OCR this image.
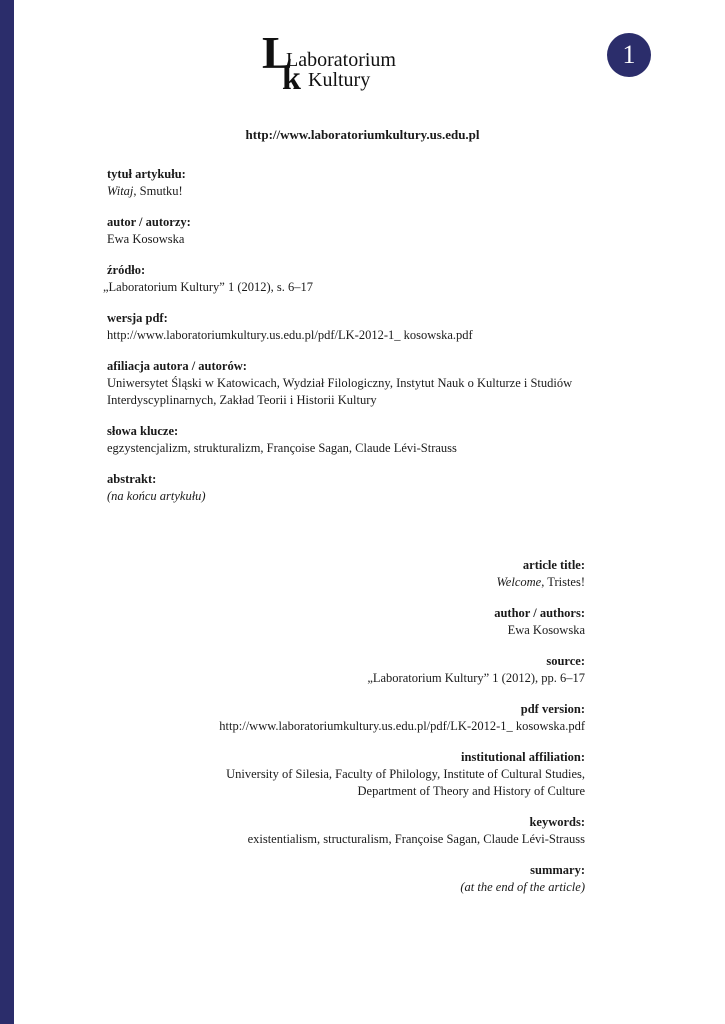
L
k
Laboratorium
Kultury
1
http://www.laboratoriumkultury.us.edu.pl
tytuł artykułu:
Witaj, Smutku!
autor / autorzy:
Ewa Kosowska
źródło:
„Laboratorium Kultury” 1 (2012), s. 6–17
wersja pdf:
http://www.laboratoriumkultury.us.edu.pl/pdf/LK-2012-1_ kosowska.pdf
afiliacja autora / autorów:
Uniwersytet Śląski w Katowicach, Wydział Filologiczny, Instytut Nauk o Kulturze i Studiów
Interdyscyplinarnych, Zakład Teorii i Historii Kultury
słowa klucze:
egzystencjalizm, strukturalizm, Françoise Sagan, Claude Lévi-Strauss
abstrakt:
(na końcu artykułu)
article title:
Welcome, Tristes!
author / authors:
Ewa Kosowska
source:
„Laboratorium Kultury” 1 (2012), pp. 6–17
pdf version:
http://www.laboratoriumkultury.us.edu.pl/pdf/LK-2012-1_ kosowska.pdf
institutional affiliation:
University of Silesia, Faculty of Philology, Institute of Cultural Studies,
Department of Theory and History of Culture
keywords:
existentialism, structuralism, Françoise Sagan, Claude Lévi-Strauss
summary:
(at the end of the article)
